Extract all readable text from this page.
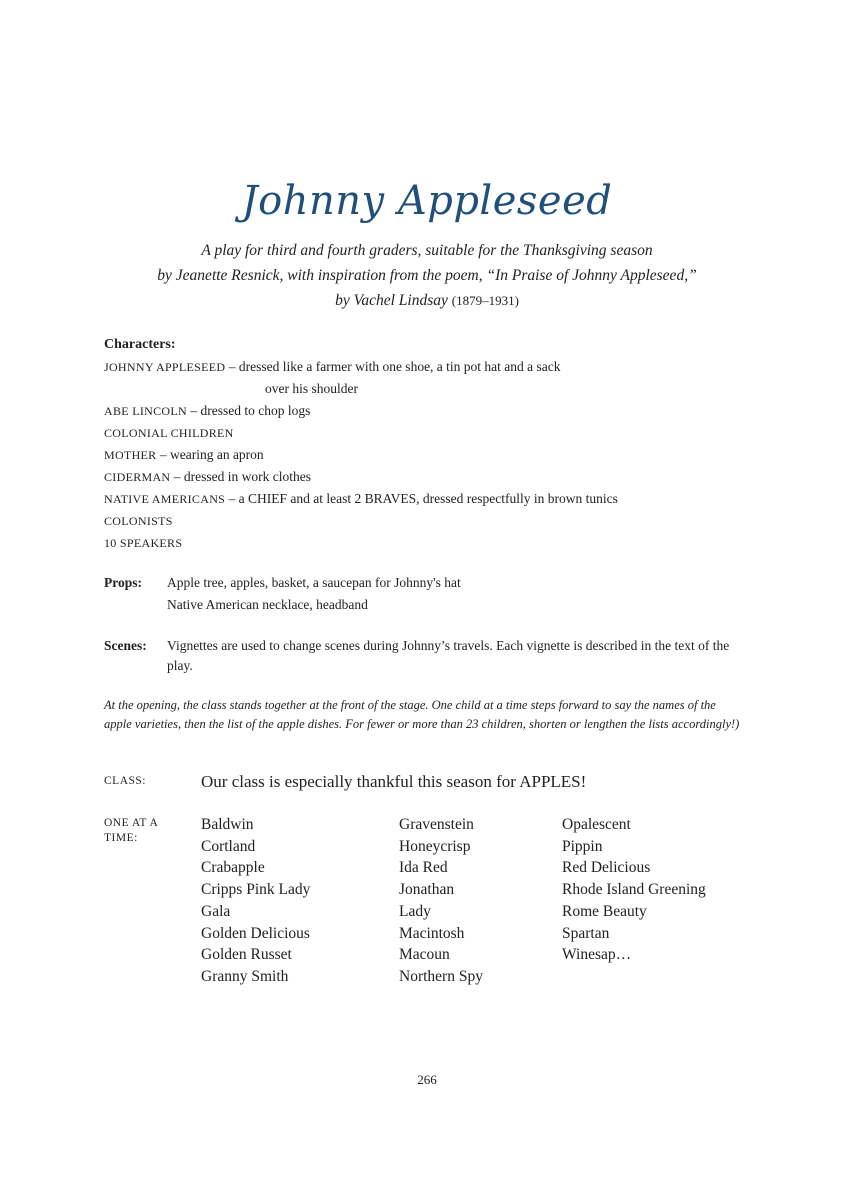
Johnny Appleseed
A play for third and fourth graders, suitable for the Thanksgiving season
by Jeanette Resnick, with inspiration from the poem, “In Praise of Johnny Appleseed,”
by Vachel Lindsay (1879–1931)
Characters:
JOHNNY APPLESEED – dressed like a farmer with one shoe, a tin pot hat and a sack
over his shoulder
ABE LINCOLN – dressed to chop logs
COLONIAL CHILDREN
MOTHER – wearing an apron
CIDERMAN – dressed in work clothes
NATIVE AMERICANS – a CHIEF and at least 2 BRAVES, dressed respectfully in brown tunics
COLONISTS
10 SPEAKERS
Props: Apple tree, apples, basket, a saucepan for Johnny's hat
Native American necklace, headband
Scenes: Vignettes are used to change scenes during Johnny’s travels. Each vignette is described in the text of the play.
At the opening, the class stands together at the front of the stage. One child at a time steps forward to say the names of the apple varieties, then the list of the apple dishes. For fewer or more than 23 children, shorten or lengthen the lists accordingly!)
CLASS:	Our class is especially thankful this season for APPLES!
ONE AT A
TIME:
Baldwin
Cortland
Crabapple
Cripps Pink Lady
Gala
Golden Delicious
Golden Russet
Granny Smith
Gravenstein
Honeycrisp
Ida Red
Jonathan
Lady
Macintosh
Macoun
Northern Spy
Opalescent
Pippin
Red Delicious
Rhode Island Greening
Rome Beauty
Spartan
Winesap…
266
